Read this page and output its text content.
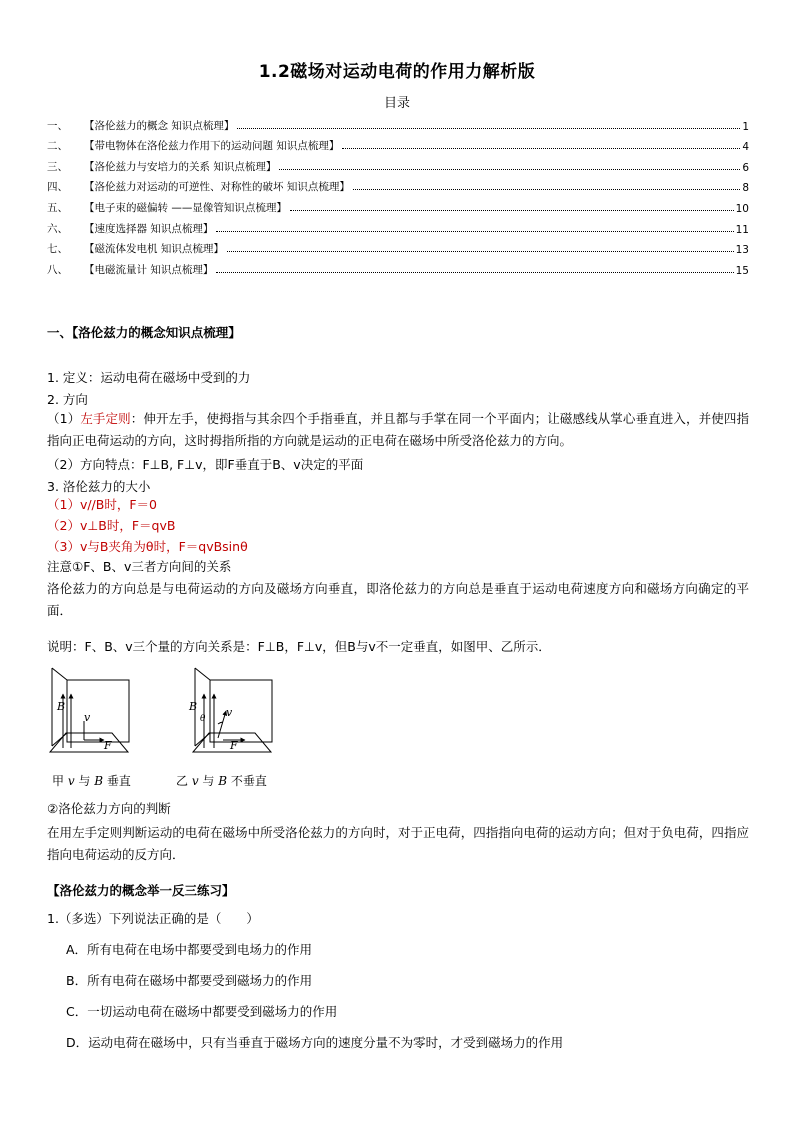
1.2磁场对运动电荷的作用力解析版
目录
一、	【洛伦兹力的概念 知识点梳理】	1
二、	【带电物体在洛伦兹力作用下的运动问题 知识点梳理】	4
三、	【洛伦兹力与安培力的关系 知识点梳理】	6
四、	【洛伦兹力对运动的可逆性、对称性的破坏 知识点梳理】	8
五、	【电子束的磁偏转 ——显像管知识点梳理】	10
六、	【速度选择器 知识点梳理】	11
七、	【磁流体发电机 知识点梳理】	13
八、	【电磁流量计 知识点梳理】	15
一、【洛伦兹力的概念知识点梳理】
1. 定义：运动电荷在磁场中受到的力
2. 方向
（1）左手定则：伸开左手，使拇指与其余四个手指垂直，并且都与手掌在同一个平面内；让磁感线从掌心垂直进入，并使四指指向正电荷运动的方向，这时拇指所指的方向就是运动的正电荷在磁场中所受洛伦兹力的方向。
（2）方向特点：F⊥B, F⊥v，即F垂直于B、v决定的平面
3. 洛伦兹力的大小
（1）v//B时，F＝0
（2）v⊥B时，F＝qvB
（3）v与B夹角为θ时，F＝qvBsinθ
注意①F、B、v三者方向间的关系
洛伦兹力的方向总是与电荷运动的方向及磁场方向垂直，即洛伦兹力的方向总是垂直于运动电荷速度方向和磁场方向确定的平面．
说明：F、B、v三个量的方向关系是：F⊥B，F⊥v，但B与v不一定垂直，如图甲、乙所示．
B
v
F
B
θ v
F
甲 v 与 B 垂直	乙 v 与 B 不垂直
②洛伦兹力方向的判断
在用左手定则判断运动的电荷在磁场中所受洛伦兹力的方向时，对于正电荷，四指指向电荷的运动方向；但对于负电荷，四指应指向电荷运动的反方向．
【洛伦兹力的概念举一反三练习】
1.（多选）下列说法正确的是（　　）
A．所有电荷在电场中都要受到电场力的作用
B．所有电荷在磁场中都要受到磁场力的作用
C．一切运动电荷在磁场中都要受到磁场力的作用
D．运动电荷在磁场中，只有当垂直于磁场方向的速度分量不为零时，才受到磁场力的作用
